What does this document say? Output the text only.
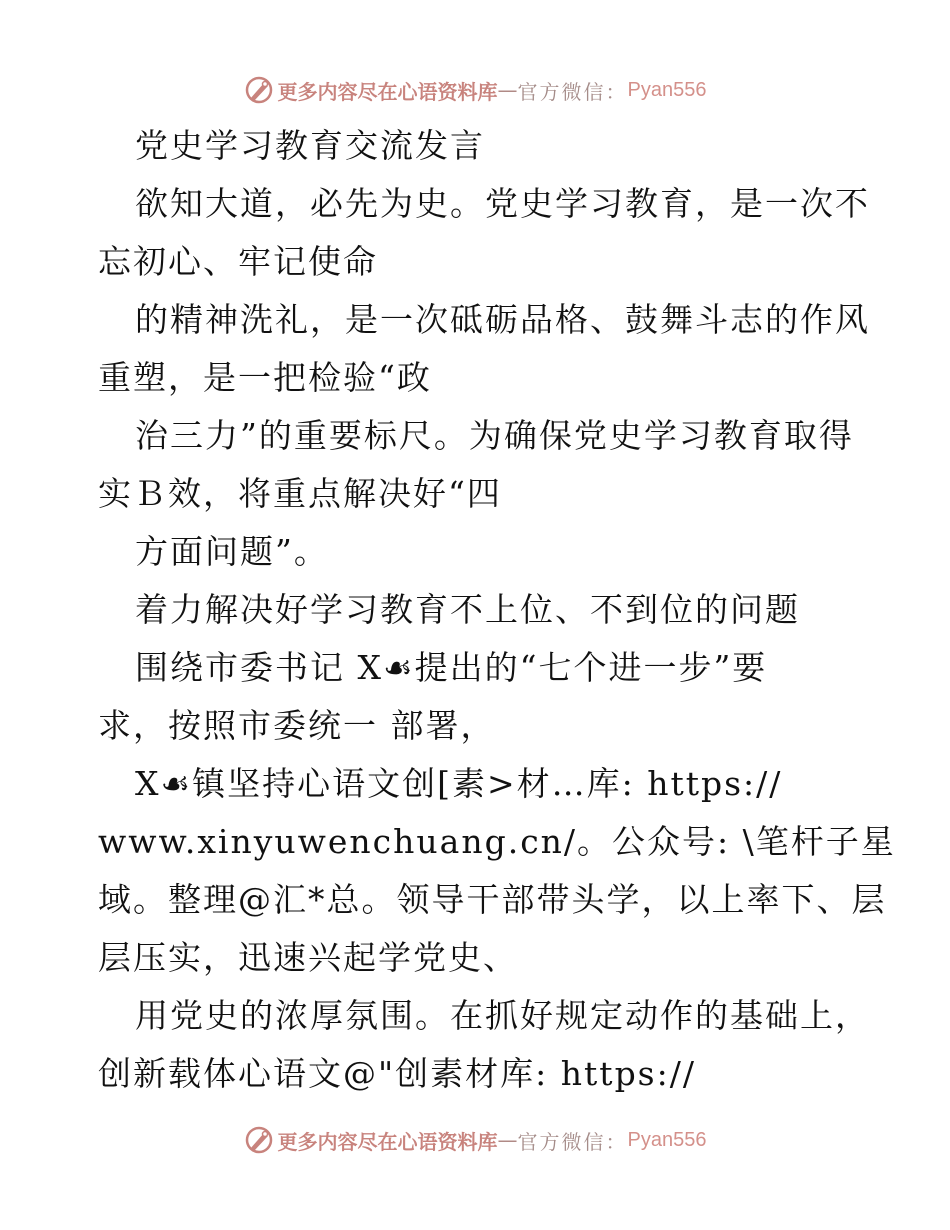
更多内容尽在心语资料库 — 官方微信： Pyan556
党史学习教育交流发言
欲知大道，必先为史。党史学习教育，是一次不
忘初心、牢记使命
的精神洗礼，是一次砥砺品格、鼓舞斗志的作风
重塑，是一把检验“政
治三力”的重要标尺。为确保党史学习教育取得
实Ｂ效，将重点解决好“四
方面问题”。
着力解决好学习教育不上位、不到位的问题
围绕市委书记 X☙提出的“七个进一步”要
求，按照市委统一 部署，
X☙镇坚持心语文创[素>材…库: https://
www.xinyuwenchuang.cn/。公众号: \笔杆子星
域。整理@汇*总。领导干部带头学，以上率下、层
层压实，迅速兴起学党史、
用党史的浓厚氛围。在抓好规定动作的基础上，
创新载体心语文@"创素材库: https://
更多内容尽在心语资料库 — 官方微信： Pyan556
